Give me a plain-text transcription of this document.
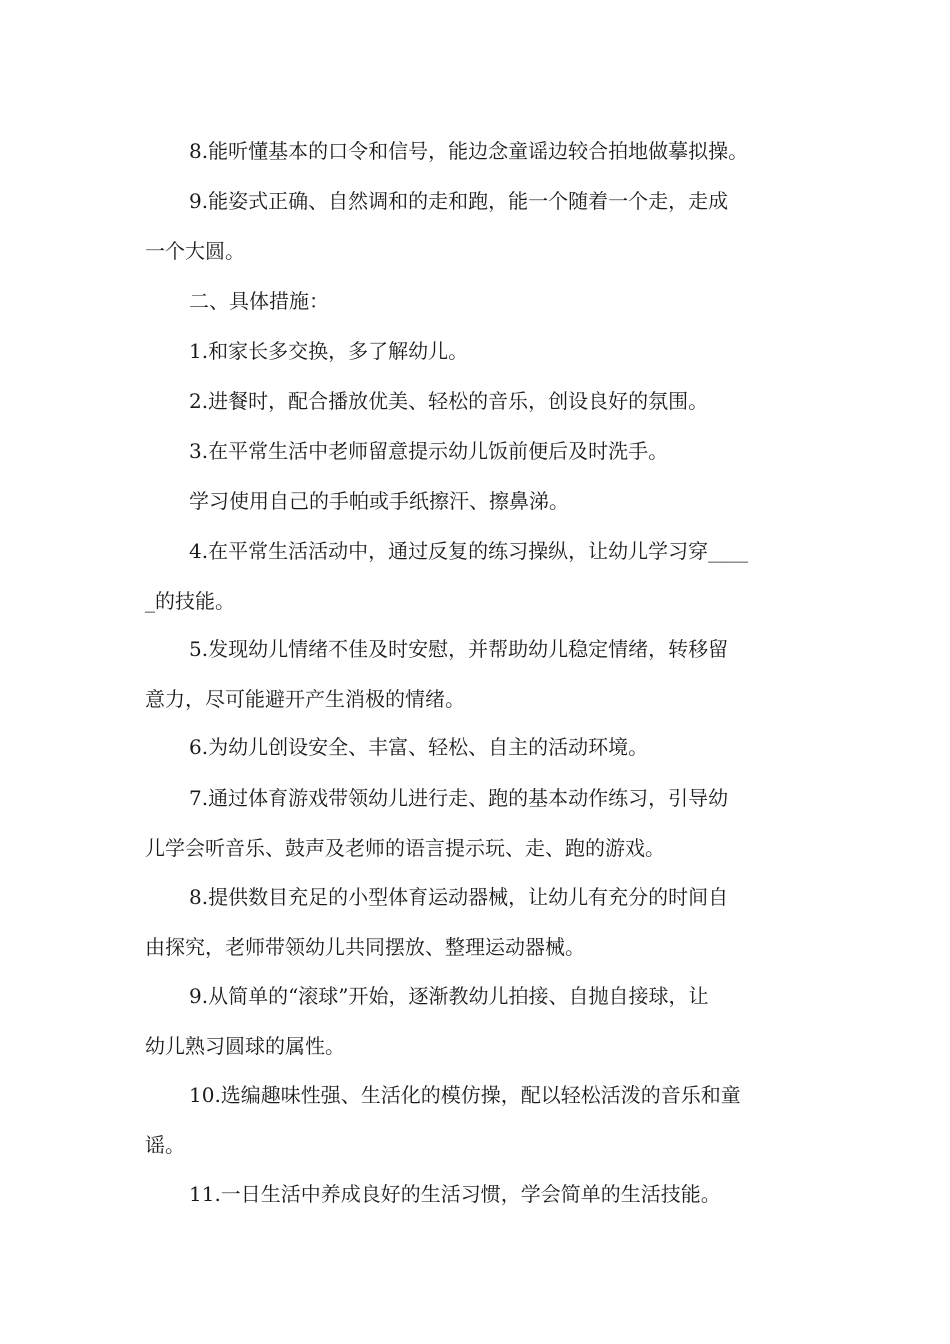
8.能听懂基本的口令和信号，能边念童谣边较合拍地做摹拟操。

9.能姿式正确、自然调和的走和跑，能一个随着一个走，走成
一个大圆。

二、具体措施：

1.和家长多交换，多了解幼儿。

2.进餐时，配合播放优美、轻松的音乐，创设良好的氛围。

3.在平常生活中老师留意提示幼儿饭前便后及时洗手。

学习使用自己的手帕或手纸擦汗、擦鼻涕。

4.在平常生活活动中，通过反复的练习操纵，让幼儿学习穿____
_的技能。

5.发现幼儿情绪不佳及时安慰，并帮助幼儿稳定情绪，转移留
意力，尽可能避开产生消极的情绪。

6.为幼儿创设安全、丰富、轻松、自主的活动环境。

7.通过体育游戏带领幼儿进行走、跑的基本动作练习，引导幼
儿学会听音乐、鼓声及老师的语言提示玩、走、跑的游戏。

8.提供数目充足的小型体育运动器械，让幼儿有充分的时间自
由探究，老师带领幼儿共同摆放、整理运动器械。

9.从简单的“滚球”开始，逐渐教幼儿拍接、自抛自接球，让
幼儿熟习圆球的属性。

10.选编趣味性强、生活化的模仿操，配以轻松活泼的音乐和童
谣。

11.一日生活中养成良好的生活习惯，学会简单的生活技能。
